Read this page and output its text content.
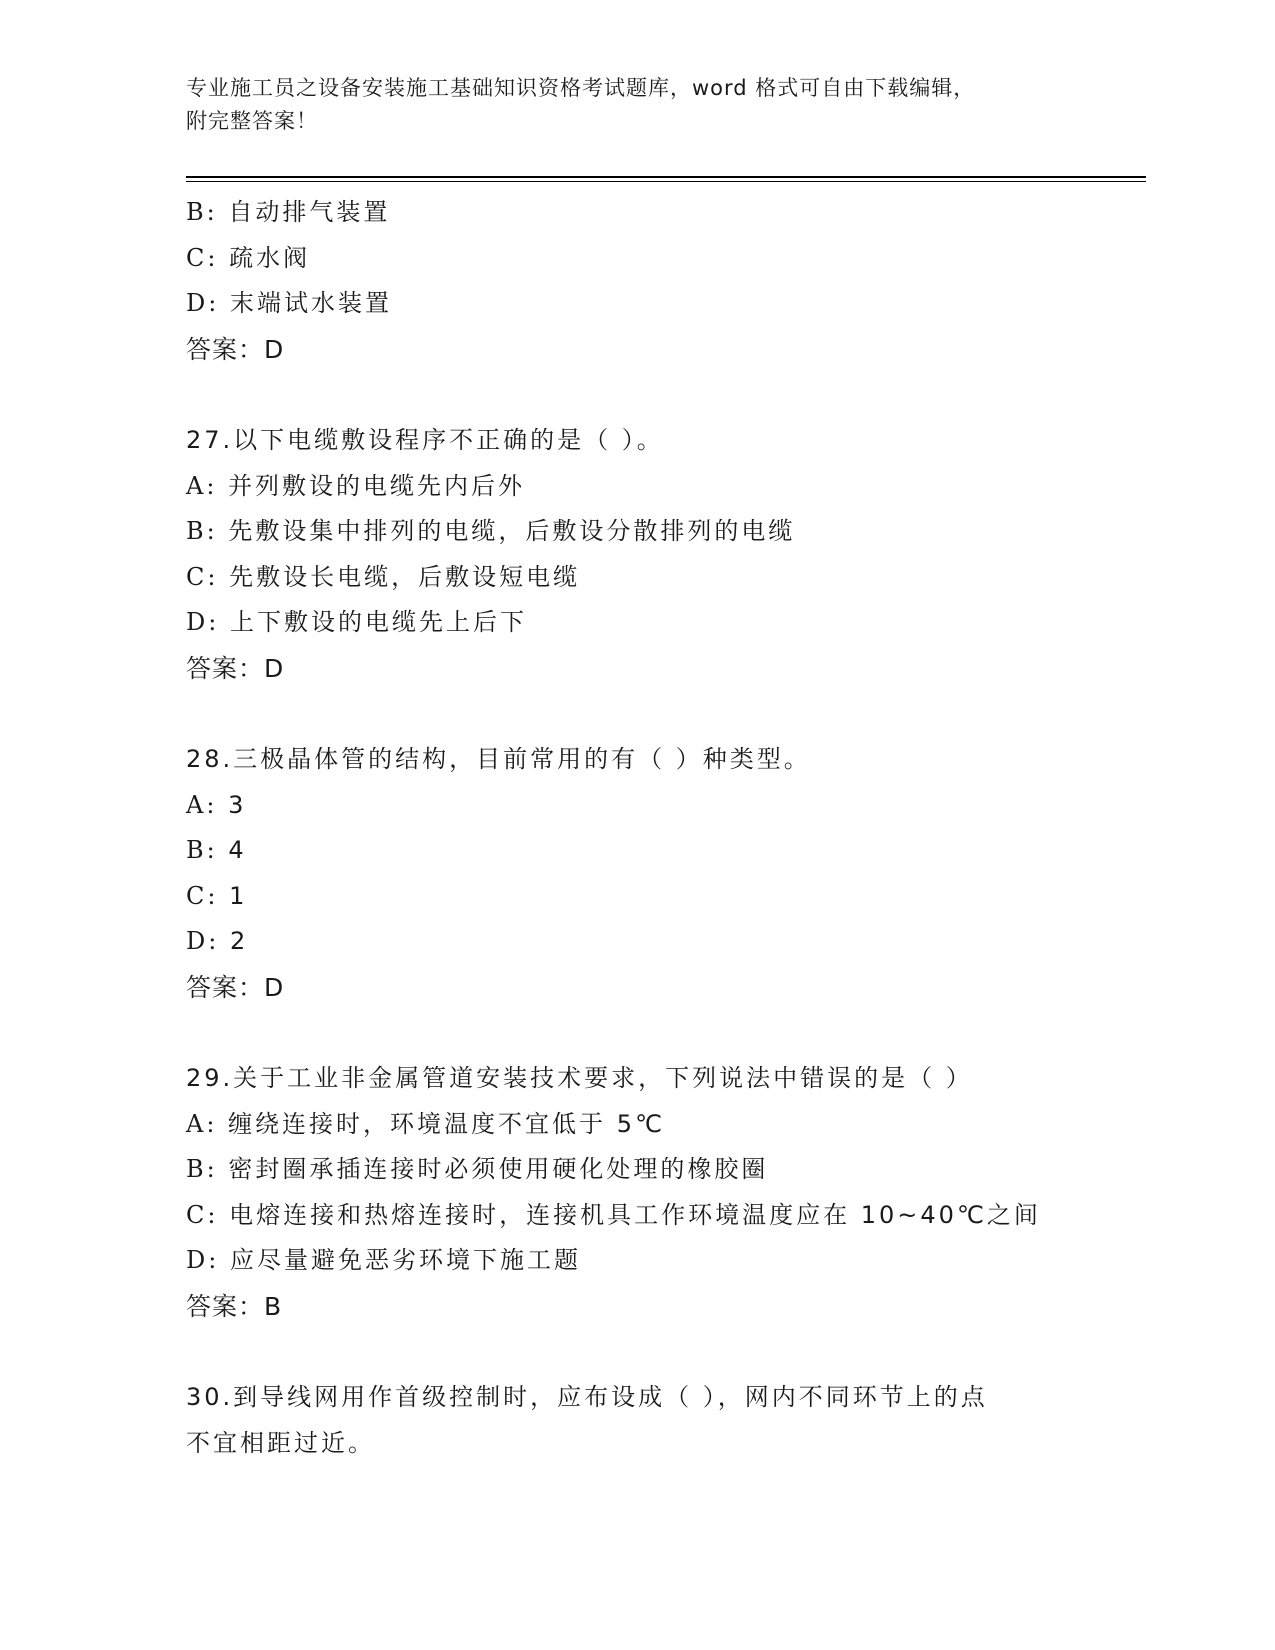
专业施工员之设备安装施工基础知识资格考试题库，word 格式可自由下载编辑，
附完整答案！
B: 自动排气装置
C: 疏水阀
D: 末端试水装置
答案：D
27.以下电缆敷设程序不正确的是（ ）。
A: 并列敷设的电缆先内后外
B: 先敷设集中排列的电缆，后敷设分散排列的电缆
C: 先敷设长电缆，后敷设短电缆
D: 上下敷设的电缆先上后下
答案：D
28.三极晶体管的结构，目前常用的有（ ）种类型。
A: 3
B: 4
C: 1
D: 2
答案：D
29.关于工业非金属管道安装技术要求，下列说法中错误的是（ ）
A: 缠绕连接时，环境温度不宜低于 5℃
B: 密封圈承插连接时必须使用硬化处理的橡胶圈
C: 电熔连接和热熔连接时，连接机具工作环境温度应在 10~40℃之间
D: 应尽量避免恶劣环境下施工题
答案：B
30.到导线网用作首级控制时，应布设成（ ），网内不同环节上的点
不宜相距过近。
